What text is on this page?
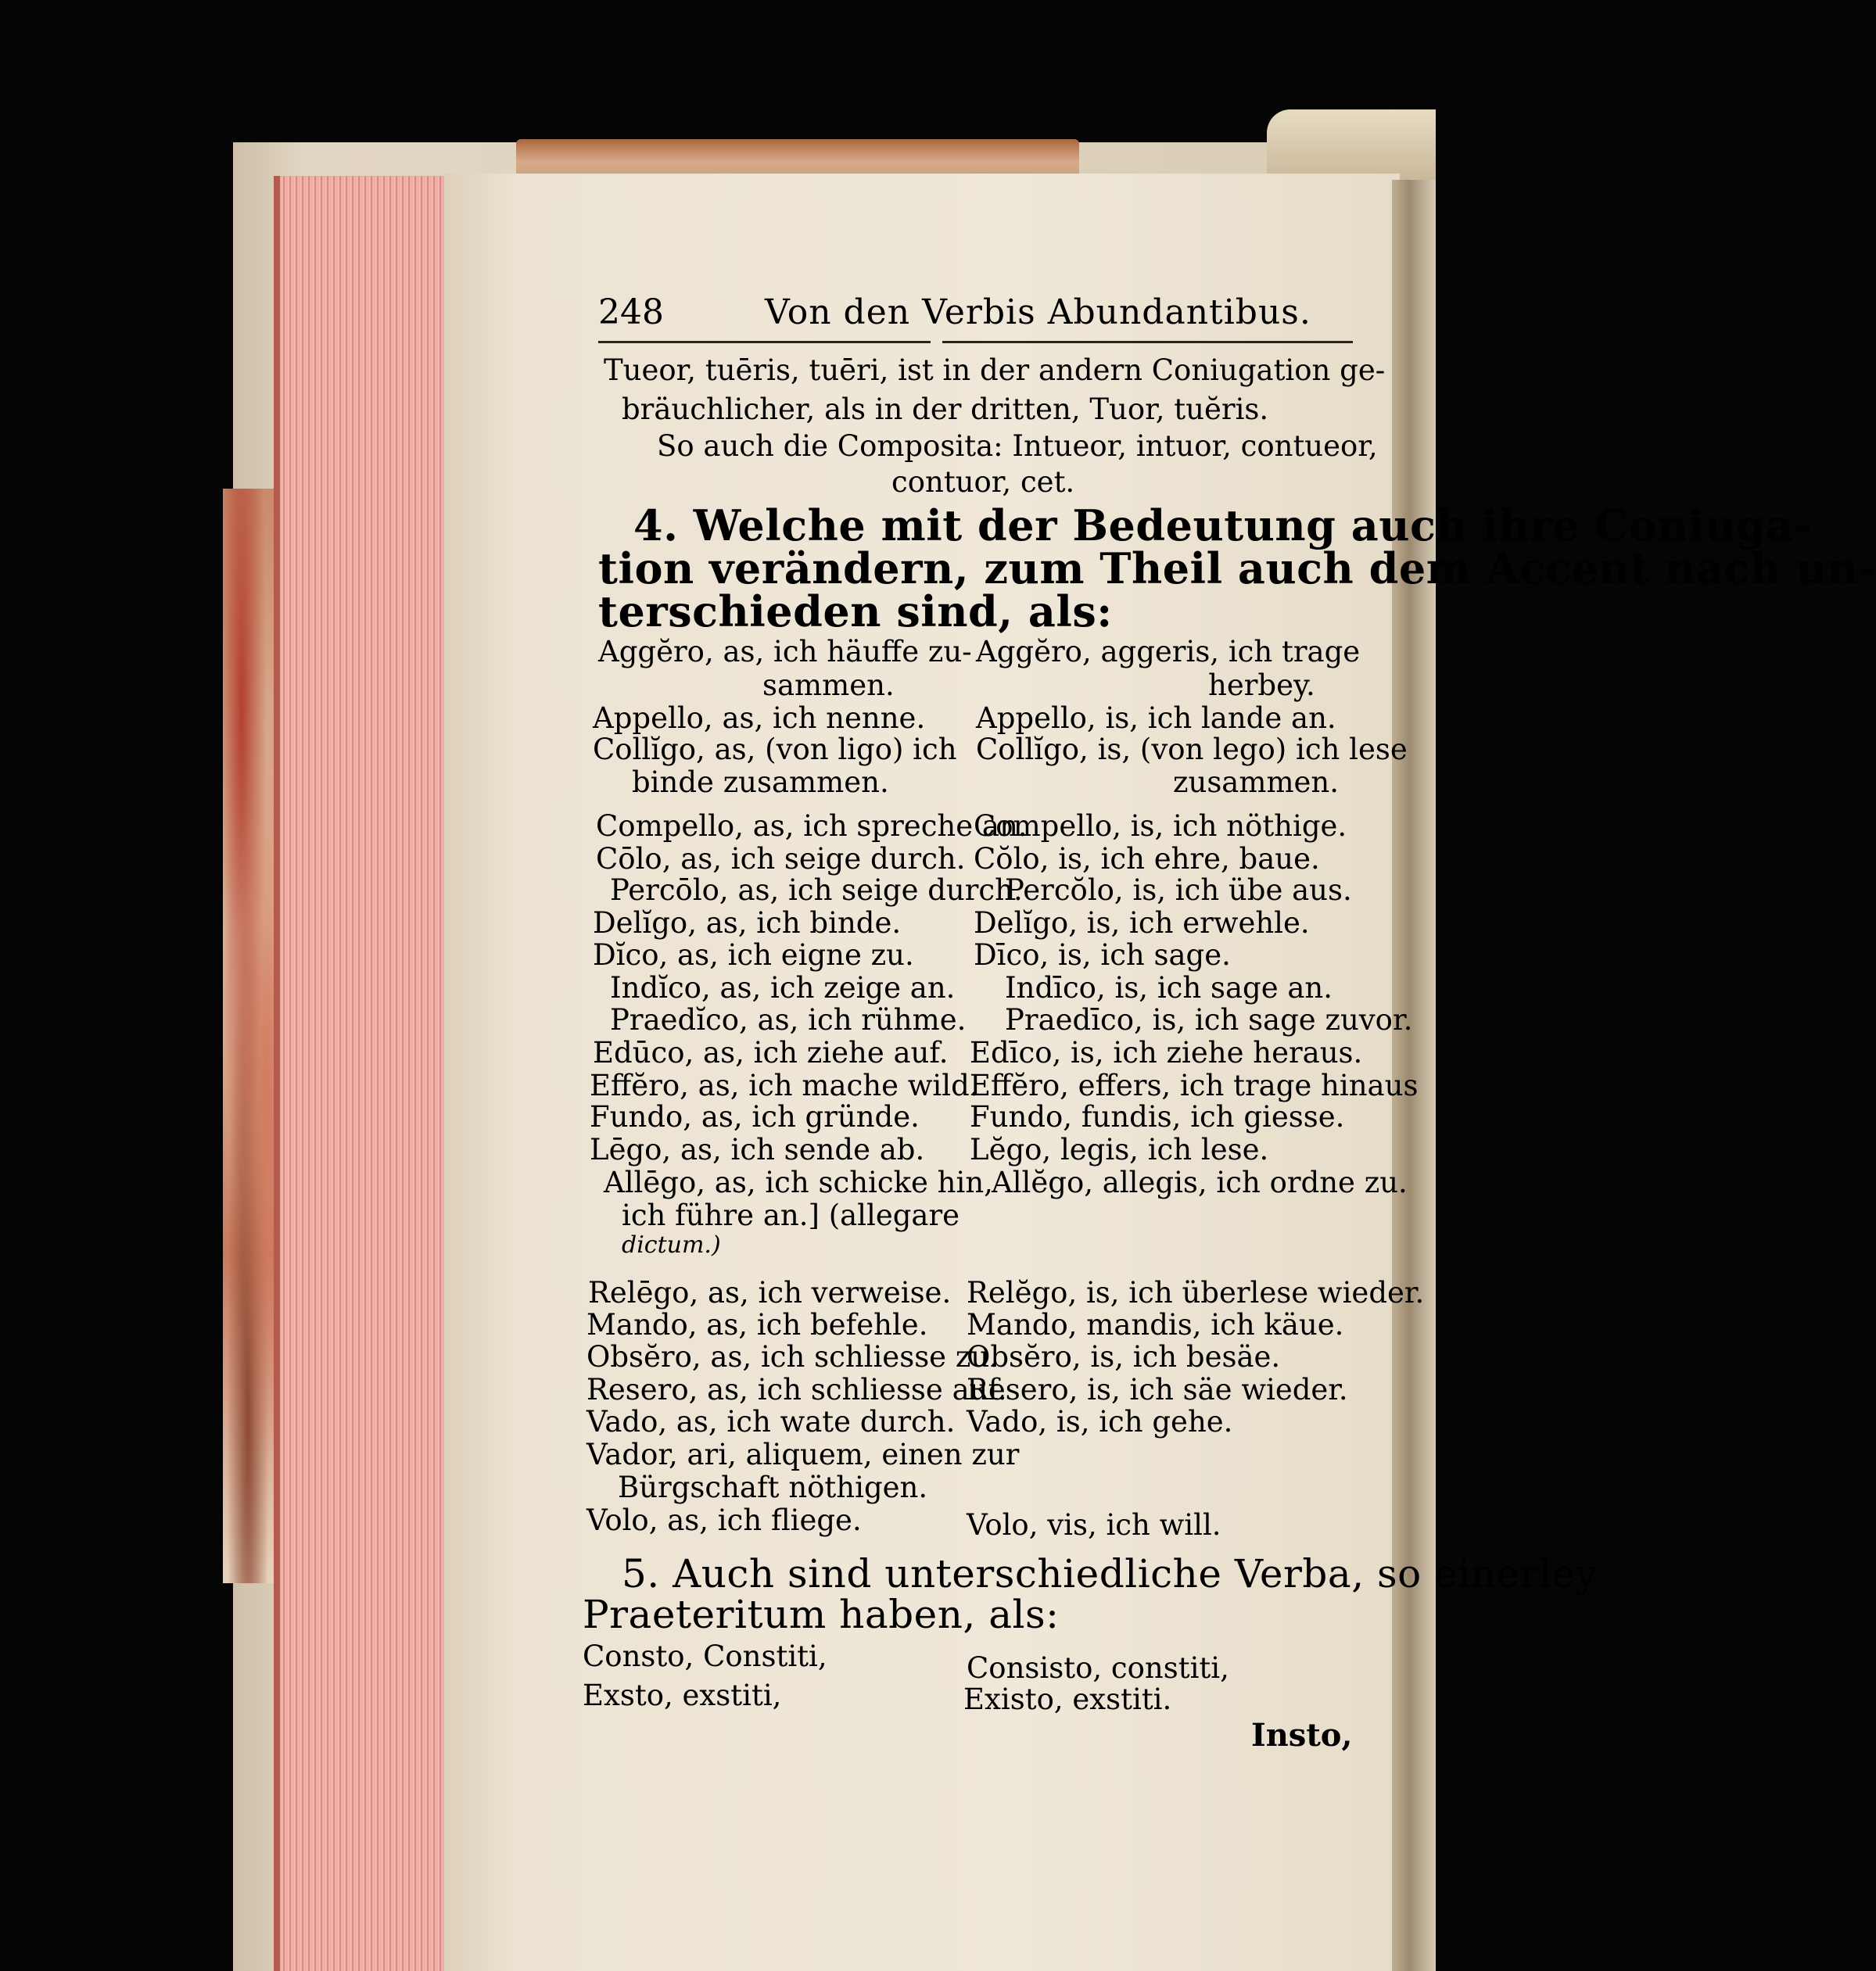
248	Von den Verbis Abundantibus.
Tueor, tuēris, tuēri, ist in der andern Coniugation ge-
bräuchlicher, als in der dritten, Tuor, tuĕris.
So auch die Composita: Intueor, intuor, contueor,
contuor, cet.
4. Welche mit der Bedeutung auch ihre Coniuga-
tion verändern, zum Theil auch dem Accent nach un-
terschieden sind, als:
Aggĕro, as, ich häuffe zu-
sammen.
Appello, as, ich nenne.
Collĭgo, as, (von ligo) ich
binde zusammen.
Compello, as, ich spreche an.
Cōlo, as, ich seige durch.
Percōlo, as, ich seige durch.
Delĭgo, as, ich binde.
Dĭco, as, ich eigne zu.
Indĭco, as, ich zeige an.
Praedĭco, as, ich rühme.
Edūco, as, ich ziehe auf.
Effĕro, as, ich mache wild.
Fundo, as, ich gründe.
Lēgo, as, ich sende ab.
Allēgo, as, ich schicke hin,
ich führe an.] (allegare
dictum.)
Relēgo, as, ich verweise.
Mando, as, ich befehle.
Obsĕro, as, ich schliesse zu.
Resero, as, ich schliesse auf.
Vado, as, ich wate durch.
Vador, ari, aliquem, einen zur
Bürgschaft nöthigen.
Volo, as, ich fliege.
Aggĕro, aggeris, ich trage
herbey.
Appello, is, ich lande an.
Collĭgo, is, (von lego) ich lese
zusammen.
Compello, is, ich nöthige.
Cŏlo, is, ich ehre, baue.
Percŏlo, is, ich übe aus.
Delĭgo, is, ich erwehle.
Dīco, is, ich sage.
Indīco, is, ich sage an.
Praedīco, is, ich sage zuvor.
Edīco, is, ich ziehe heraus.
Effĕro, effers, ich trage hinaus
Fundo, fundis, ich giesse.
Lĕgo, legis, ich lese.
Allĕgo, allegis, ich ordne zu.
Relĕgo, is, ich überlese wieder.
Mando, mandis, ich käue.
Obsĕro, is, ich besäe.
Resero, is, ich säe wieder.
Vado, is, ich gehe.
Volo, vis, ich will.
5. Auch sind unterschiedliche Verba, so einerley
Praeteritum haben, als:
Consto, Constiti,
Exsto, exstiti,
Consisto, constiti,
Existo, exstiti.
Insto,
